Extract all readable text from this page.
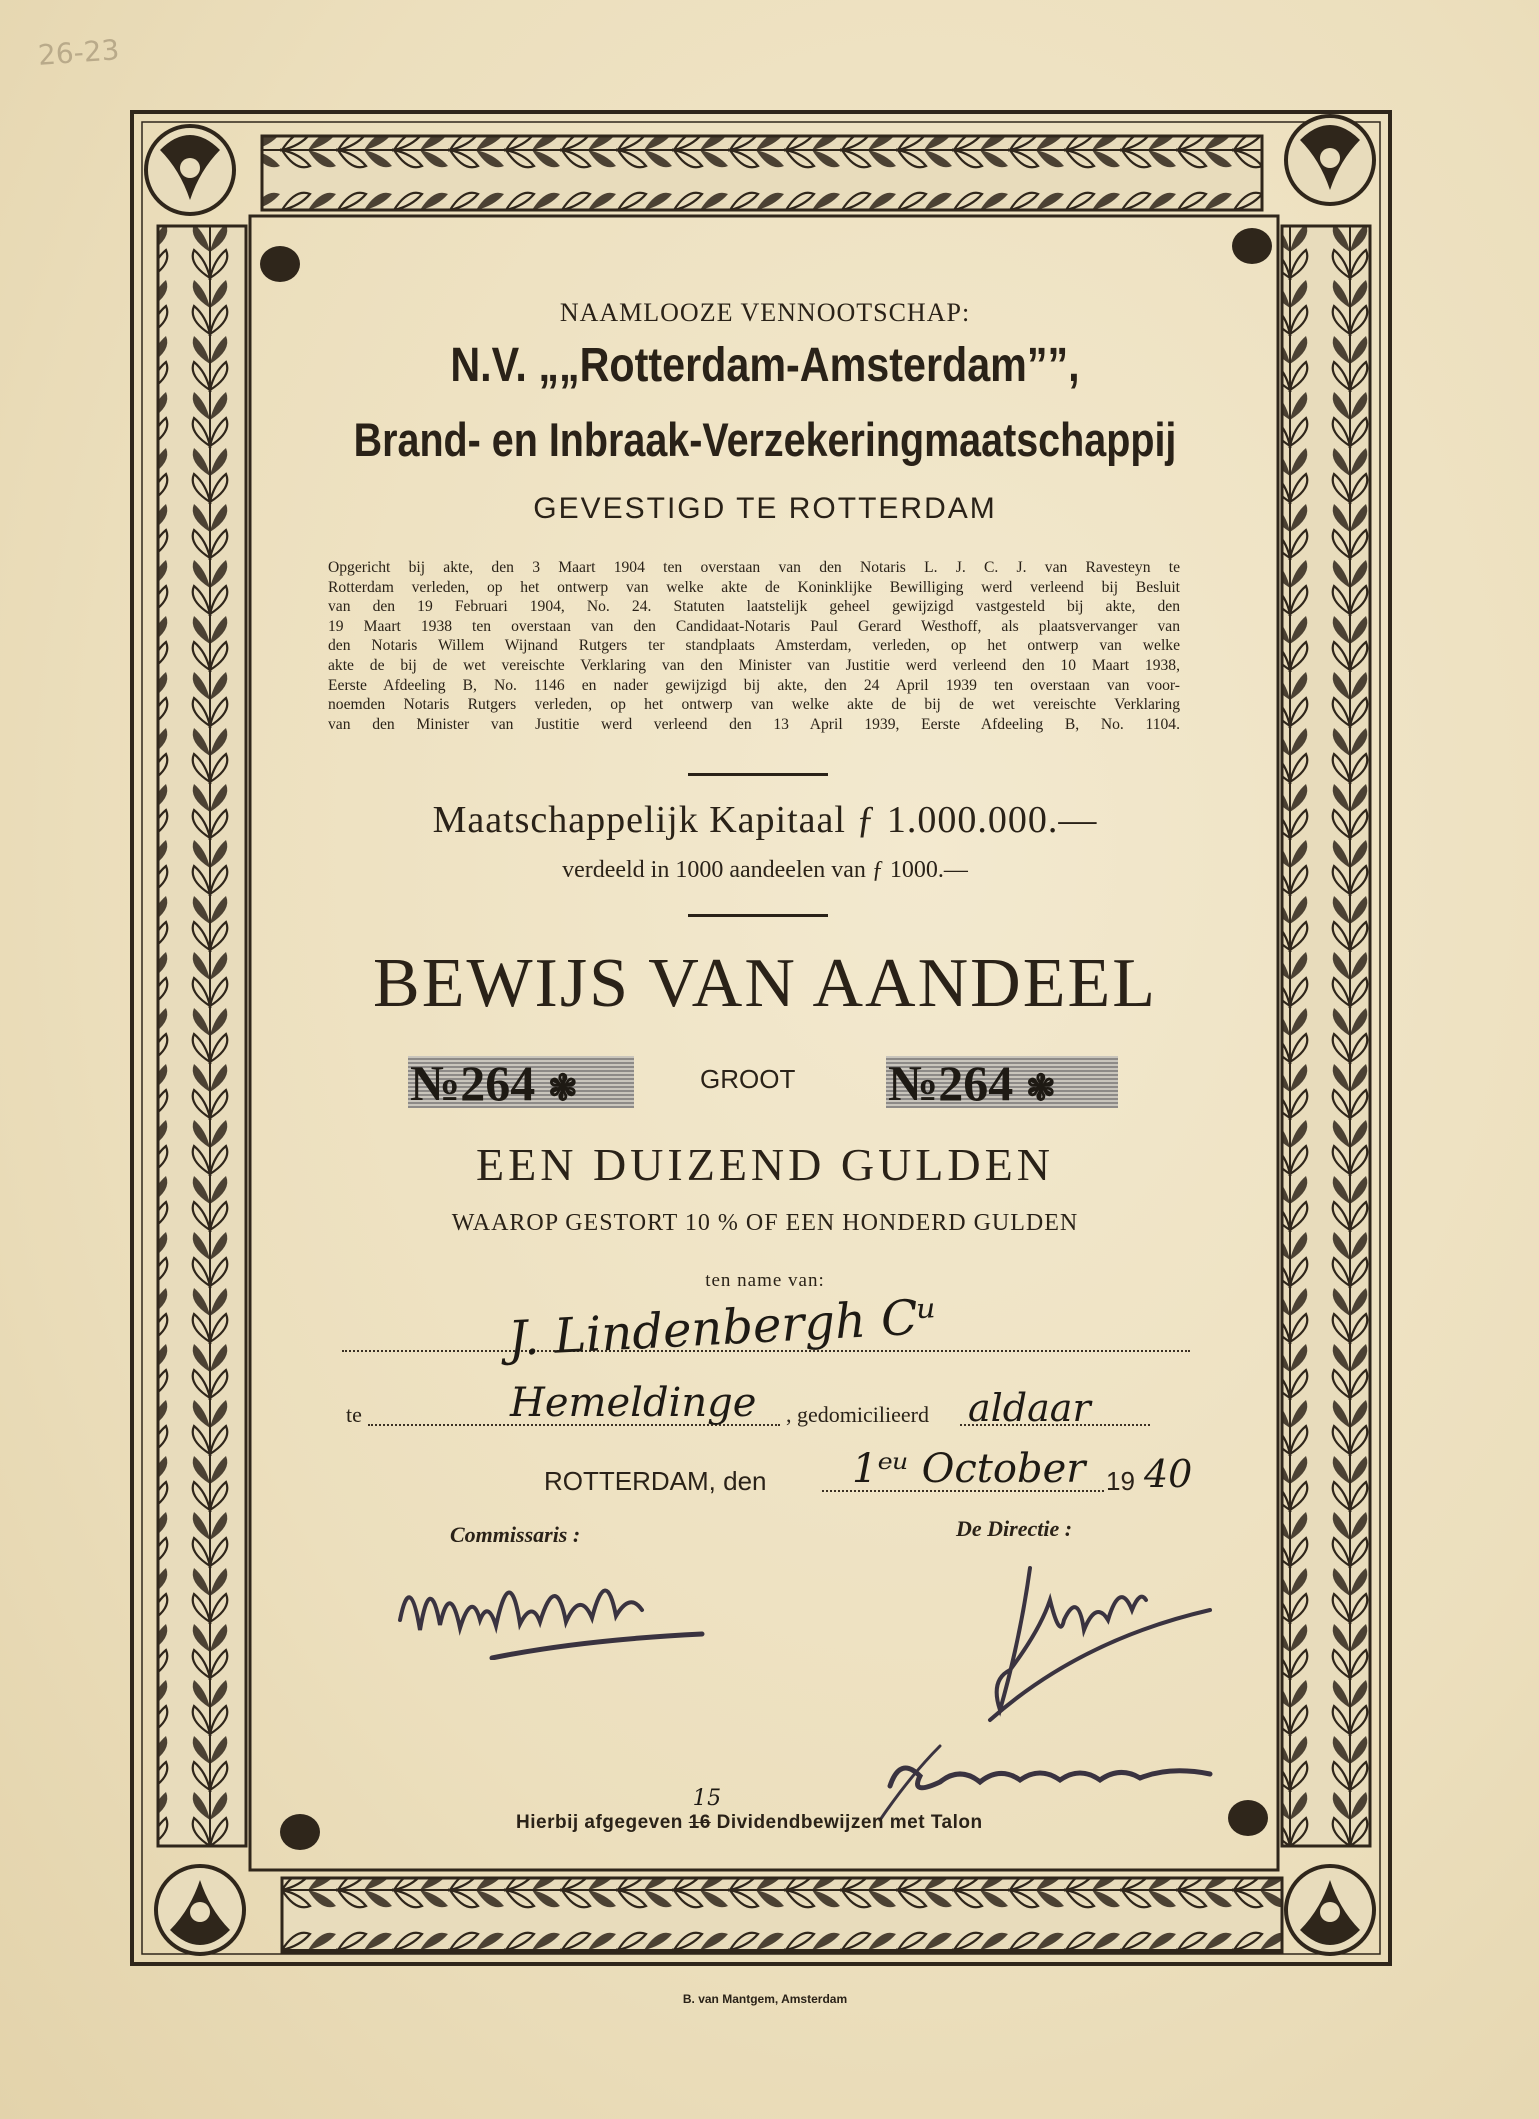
26-23
NAAMLOOZE VENNOOTSCHAP:
N.V. „„Rotterdam-Amsterdam””,
Brand- en Inbraak-Verzekeringmaatschappij
GEVESTIGD TE ROTTERDAM
Opgericht bij akte, den 3 Maart 1904 ten overstaan van den Notaris L. J. C. J. van Ravesteyn te
Rotterdam verleden, op het ontwerp van welke akte de Koninklijke Bewilliging werd verleend bij Besluit
van den 19 Februari 1904, No. 24. Statuten laatstelijk geheel gewijzigd vastgesteld bij akte, den
19 Maart 1938 ten overstaan van den Candidaat-Notaris Paul Gerard Westhoff, als plaatsvervanger van
den Notaris Willem Wijnand Rutgers ter standplaats Amsterdam, verleden, op het ontwerp van welke
akte de bij de wet vereischte Verklaring van den Minister van Justitie werd verleend den 10 Maart 1938,
Eerste Afdeeling B, No. 1146 en nader gewijzigd bij akte, den 24 April 1939 ten overstaan van voor-
noemden Notaris Rutgers verleden, op het ontwerp van welke akte de bij de wet vereischte Verklaring
van den Minister van Justitie werd verleend den 13 April 1939, Eerste Afdeeling B, No. 1104.
Maatschappelijk Kapitaal ƒ 1.000.000.—
verdeeld in 1000 aandeelen van ƒ 1000.—
BEWIJS VAN AANDEEL
№264 ❃	GROOT №264 ❃
EEN DUIZEND GULDEN
WAAROP GESTORT 10 % OF EEN HONDERD GULDEN
ten name van:
J. Lindenbergh Cᵘ
te	Hemeldinge , gedomicilieerd aldaar
ROTTERDAM, den 1ᵉᵘ October 19 40
Commissaris :	De Directie :
Hierbij afgegeven 16
15
Dividendbewijzen met Talon
B. van Mantgem, Amsterdam
